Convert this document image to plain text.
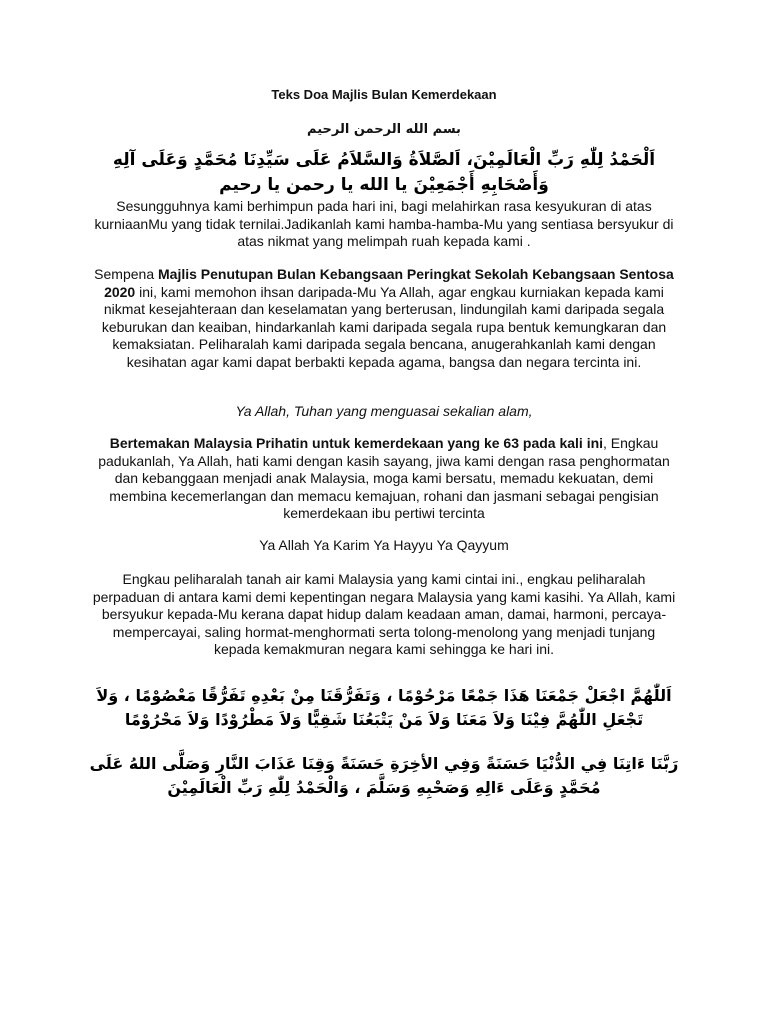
Teks Doa Majlis Bulan Kemerdekaan
بسم الله الرحمن الرحيم
اَلْحَمْدُ لِلّٰهِ رَبِّ الْعَالَمِيْنَ، اَلصَّلاَةُ وَالسَّلاَمُ عَلَى سَيِّدِنَا مُحَمَّدٍ وَعَلَى آلِهِ وَأَصْحَابِهِ أَجْمَعِيْنَ يا الله يا رحمن يا رحيم
Sesungguhnya kami berhimpun pada hari ini, bagi melahirkan rasa kesyukuran di atas kurniaanMu yang tidak ternilai.Jadikanlah kami hamba-hamba-Mu yang sentiasa bersyukur di atas nikmat yang melimpah ruah kepada kami .
Sempena Majlis Penutupan Bulan Kebangsaan Peringkat Sekolah Kebangsaan Sentosa 2020 ini, kami memohon ihsan daripada-Mu Ya Allah, agar engkau kurniakan kepada kami nikmat kesejahteraan dan keselamatan yang berterusan, lindungilah kami daripada segala keburukan dan keaiban, hindarkanlah kami daripada segala rupa bentuk kemungkaran dan kemaksiatan. Peliharalah kami daripada segala bencana, anugerahkanlah kami dengan kesihatan agar kami dapat berbakti kepada agama, bangsa dan negara tercinta ini.
Ya Allah, Tuhan yang menguasai sekalian alam,
Bertemakan Malaysia Prihatin untuk kemerdekaan yang ke 63 pada kali ini, Engkau padukanlah, Ya Allah, hati kami dengan kasih sayang, jiwa kami dengan rasa penghormatan dan kebanggaan menjadi anak Malaysia, moga kami bersatu, memadu kekuatan, demi membina kecemerlangan dan memacu kemajuan, rohani dan jasmani sebagai pengisian kemerdekaan ibu pertiwi tercinta
Ya Allah Ya Karim Ya Hayyu Ya Qayyum
Engkau peliharalah tanah air kami Malaysia yang kami cintai ini., engkau peliharalah perpaduan di antara kami demi kepentingan negara Malaysia yang kami kasihi. Ya Allah, kami bersyukur kepada-Mu kerana dapat hidup dalam keadaan aman, damai, harmoni, percaya-mempercayai, saling hormat-menghormati serta tolong-menolong yang menjadi tunjang kepada kemakmuran negara kami sehingga ke hari ini.
اَللّٰهُمَّ اجْعَلْ جَمْعَنَا هَذَا جَمْعًا مَرْحُوْمًا ، وَتَفَرُّقَنَا مِنْ بَعْدِهِ تَفَرُّقًا مَعْصُوْمًا ، وَلاَ تَجْعَلِ اللّٰهُمَّ فِيْنَا وَلاَ مَعَنَا وَلاَ مَنْ يَتْبَعُنَا شَقِيًّا وَلاَ مَطْرُوْدًا وَلاَ مَحْرُوْمًا
رَبَّنَا ءَاتِنَا فِي الدُّنْيَا حَسَنَةً وَفِي الأخِرَةِ حَسَنَةً وَقِنَا عَذَابَ النَّارِ وَصَلَّى اللهُ عَلَى مُحَمَّدٍ وَعَلَى ءَالِهِ وَصَحْبِهِ وَسَلَّمَ ، وَالْحَمْدُ لِلّٰهِ رَبِّ الْعَالَمِيْنَ
